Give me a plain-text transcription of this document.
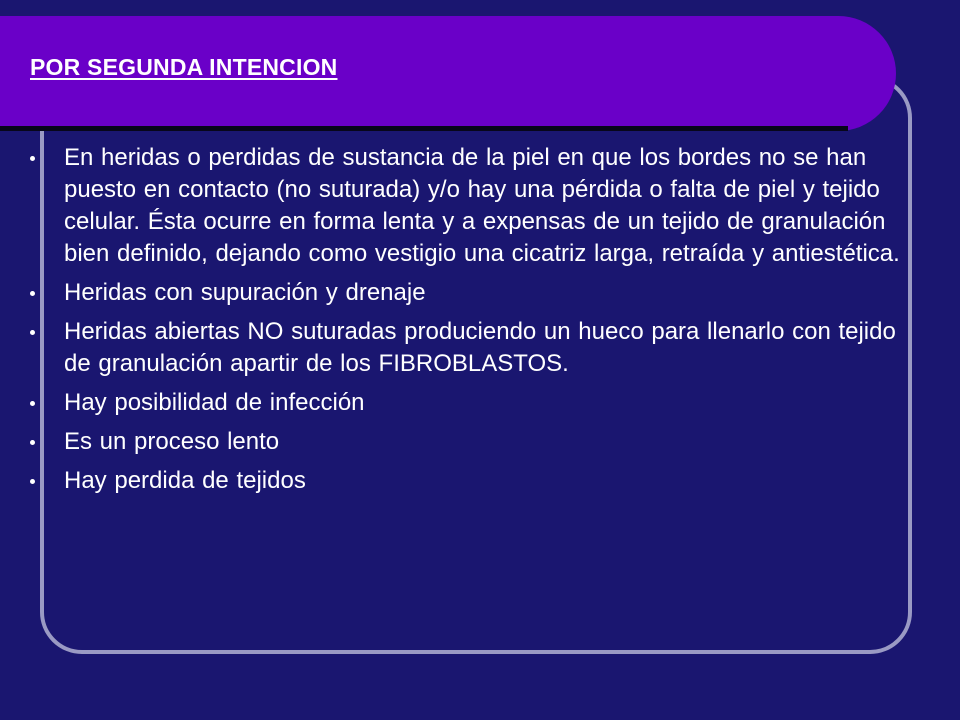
POR SEGUNDA INTENCION
En heridas o perdidas de sustancia de la piel en que los bordes no se han puesto en contacto (no suturada) y/o hay una pérdida o falta de piel y tejido celular. Ésta ocurre en forma lenta y a expensas de un tejido de granulación bien definido, dejando como vestigio una cicatriz larga, retraída y antiestética.
Heridas con supuración y drenaje
Heridas abiertas NO suturadas produciendo un hueco para llenarlo con tejido de granulación apartir de los FIBROBLASTOS.
Hay posibilidad de infección
Es un proceso lento
Hay perdida de tejidos
